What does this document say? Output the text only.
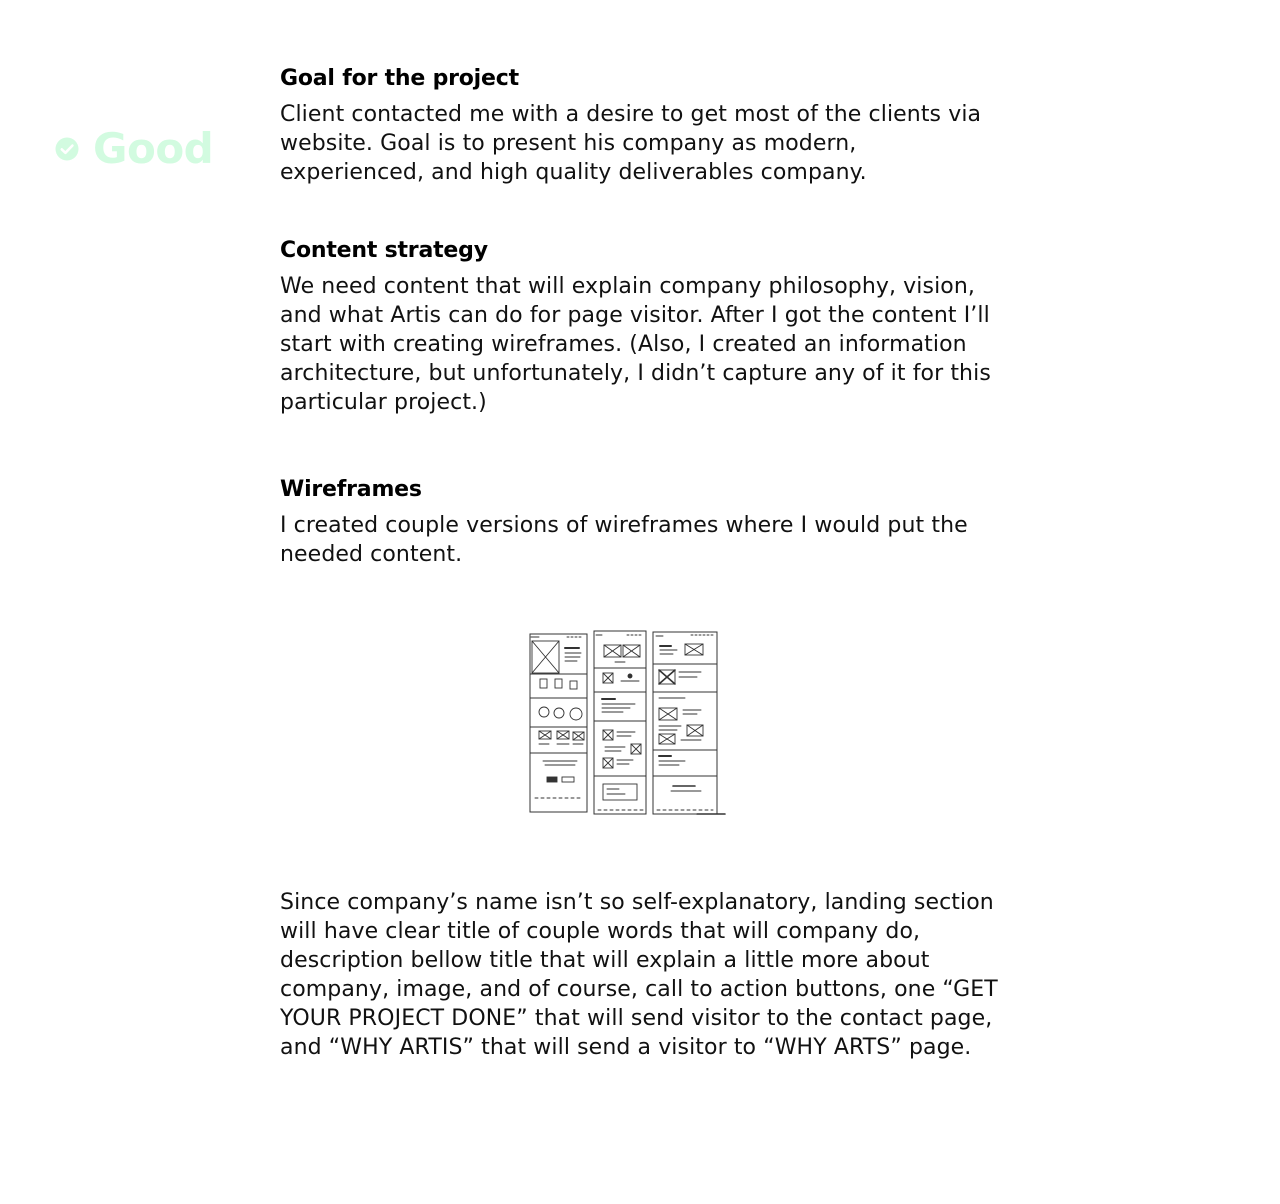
Good
Goal for the project

Client contacted me with a desire to get most of the clients via website. Goal is to present his company as modern, experienced, and high quality deliverables company.

Content strategy

We need content that will explain company philosophy, vision, and what Artis can do for page visitor. After I got the content I’ll start with creating wireframes. (Also, I created an information architecture, but unfortunately, I didn’t capture any of it for this particular project.)

Wireframes

I created couple versions of wireframes where I would put the needed content.

Since company’s name isn’t so self-explanatory, landing section will have clear title of couple words that will company do, description bellow title that will explain a little more about company, image, and of course, call to action buttons, one “GET YOUR PROJECT DONE” that will send visitor to the contact page, and “WHY ARTIS” that will send a visitor to “WHY ARTS” page.
